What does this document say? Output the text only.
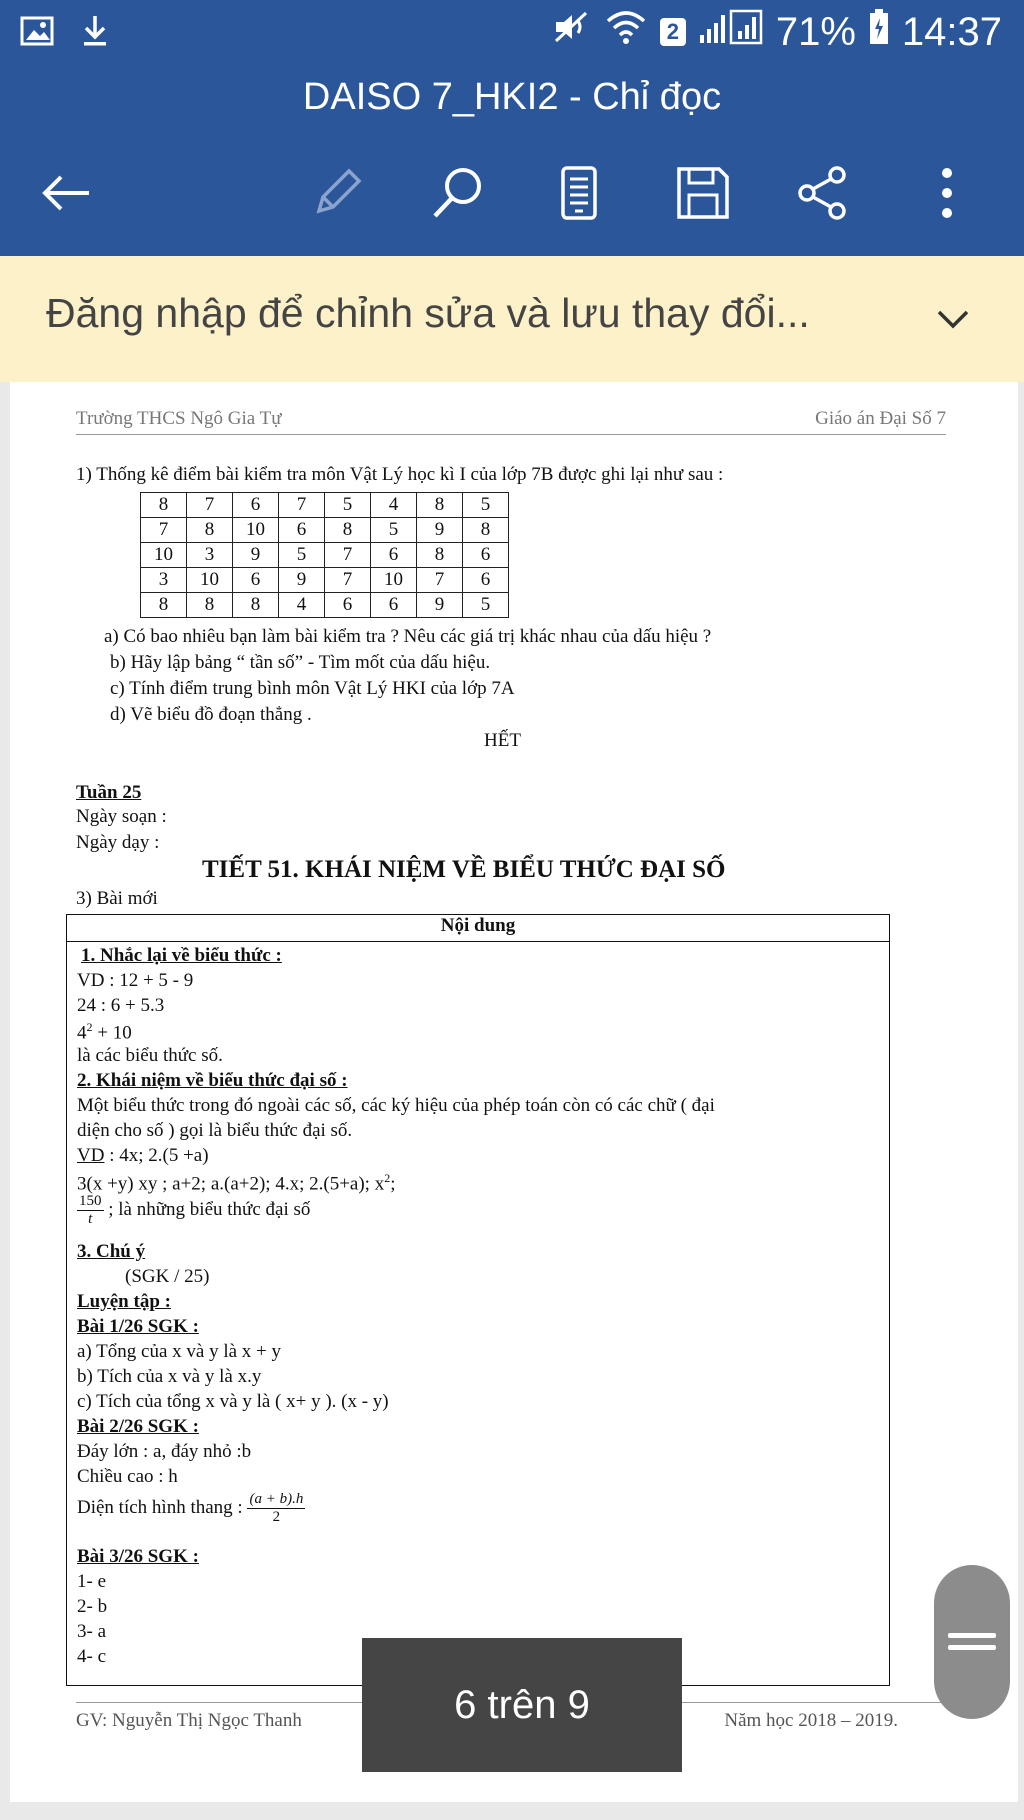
2 71% 14:37
DAISO 7_HKI2 - Chỉ đọc
Đăng nhập để chỉnh sửa và lưu thay đổi...
Trường THCS Ngô Gia Tự	Giáo án Đại Số 7
1) Thống kê điểm bài kiểm tra môn Vật Lý học kì I của lớp 7B được ghi lại như sau :
8	7	6	7	5	4	8	5
7	8	10	6	8	5	9	8
10	3	9	5	7	6	8	6
3	10	6	9	7	10	7	6
8	8	8	4	6	6	9	5
a) Có bao nhiêu bạn làm bài kiểm tra ? Nêu các giá trị khác nhau của dấu hiệu ?
b) Hãy lập bảng “ tần số” - Tìm mốt của dấu hiệu.
c) Tính điểm trung bình môn Vật Lý HKI của lớp 7A
d) Vẽ biểu đồ đoạn thẳng .
HẾT
Tuần 25
Ngày soạn :
Ngày dạy :
TIẾT 51. KHÁI NIỆM VỀ BIỂU THỨC ĐẠI SỐ
3) Bài mới
Nội dung
1. Nhắc lại về biểu thức :
VD : 12 + 5 - 9
24 : 6 + 5.3
$4^2 + 10$
là các biểu thức số.
2. Khái niệm về biểu thức đại số :
Một biểu thức trong đó ngoài các số, các ký hiệu của phép toán còn có các chữ ( đại
diện cho số ) gọi là biểu thức đại số.
VD : 4x; 2.(5 +a)
3(x +y) xy ; a+2; a.(a+2); 4.x; 2.(5+a); $x^2$;
$\frac{150}{t}$ ; là những biểu thức đại số
3. Chú ý
(SGK / 25)
Luyện tập :
Bài 1/26 SGK :
a) Tổng của x và y là x + y
b) Tích của x và y là x.y
c) Tích của tổng x và y là ( x+ y ). (x - y)
Bài 2/26 SGK :
Đáy lớn : a, đáy nhỏ :b
Chiều cao : h
Diện tích hình thang : $\frac{(a + b).h}{2}$
Bài 3/26 SGK :
1- e
2- b
3- a
4- c
GV: Nguyễn Thị Ngọc Thanh	Năm học 2018 – 2019.
6 trên 9
